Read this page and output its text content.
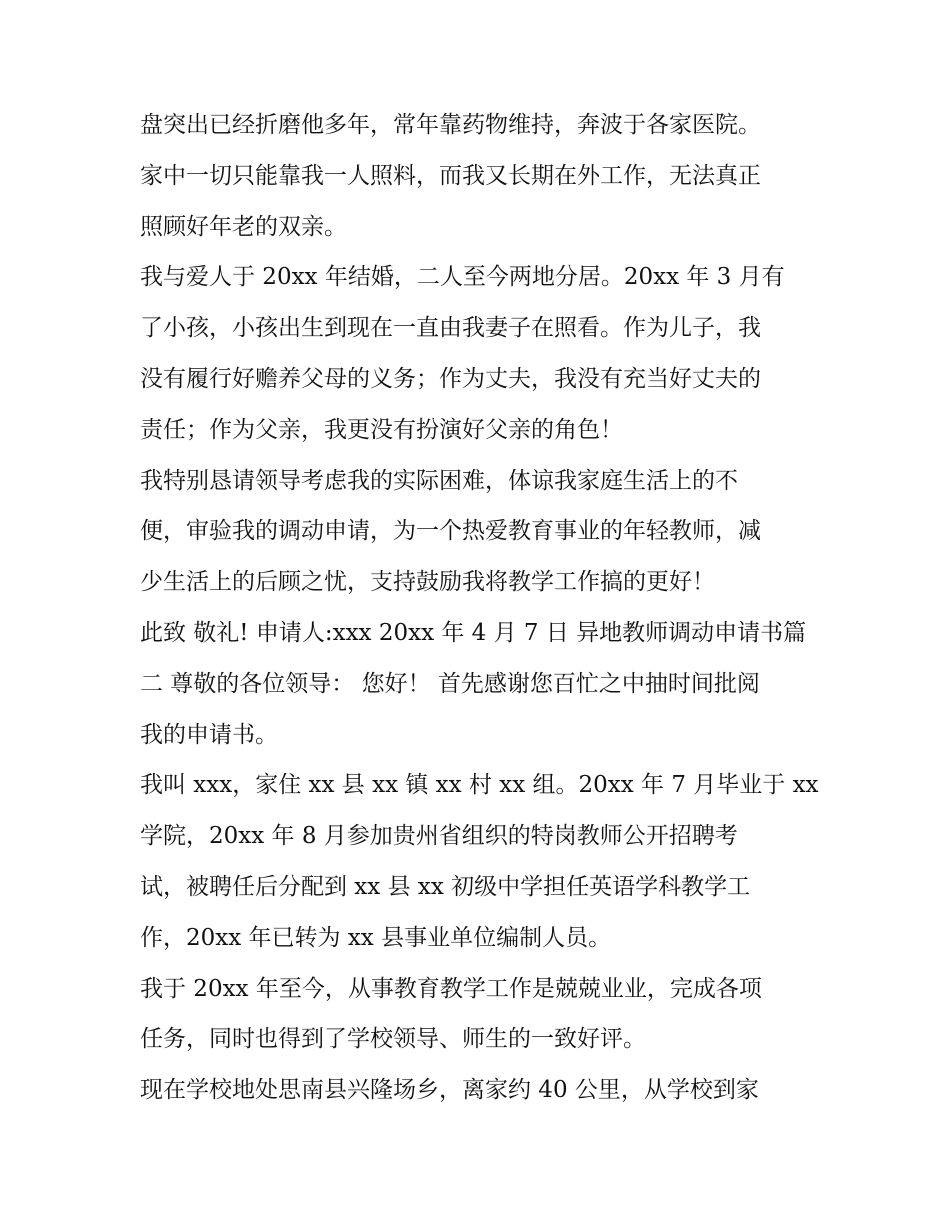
盘突出已经折磨他多年，常年靠药物维持，奔波于各家医院。
家中一切只能靠我一人照料，而我又长期在外工作，无法真正
照顾好年老的双亲。
我与爱人于 20xx 年结婚，二人至今两地分居。20xx 年 3 月有
了小孩，小孩出生到现在一直由我妻子在照看。作为儿子，我
没有履行好赡养父母的义务；作为丈夫，我没有充当好丈夫的
责任；作为父亲，我更没有扮演好父亲的角色！
我特别恳请领导考虑我的实际困难，体谅我家庭生活上的不
便，审验我的调动申请，为一个热爱教育事业的年轻教师，减
少生活上的后顾之忧，支持鼓励我将教学工作搞的更好！
此致 敬礼! 申请人:xxx 20xx 年 4 月 7 日 异地教师调动申请书篇
二 尊敬的各位领导： 您好！ 首先感谢您百忙之中抽时间批阅
我的申请书。
我叫 xxx，家住 xx 县 xx 镇 xx 村 xx 组。20xx 年 7 月毕业于 xx
学院，20xx 年 8 月参加贵州省组织的特岗教师公开招聘考
试，被聘任后分配到 xx 县 xx 初级中学担任英语学科教学工
作，20xx 年已转为 xx 县事业单位编制人员。
我于 20xx 年至今，从事教育教学工作是兢兢业业，完成各项
任务，同时也得到了学校领导、师生的一致好评。
现在学校地处思南县兴隆场乡，离家约 40 公里，从学校到家
